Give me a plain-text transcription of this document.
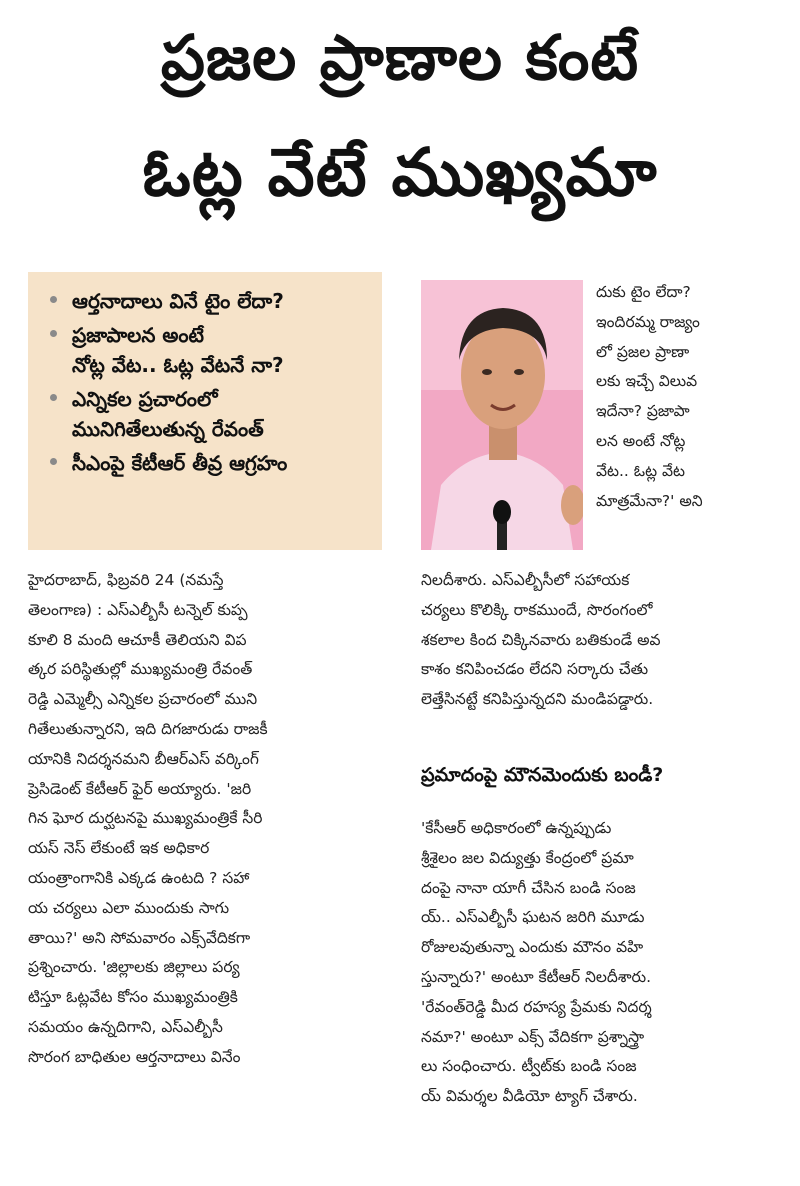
ప్రజల ప్రాణాల కంటే
ఓట్ల వేటే ముఖ్యమా
ఆర్తనాదాలు వినే టైం లేదా?
ప్రజాపాలన అంటే
నోట్ల వేట.. ఓట్ల వేటనే నా?
ఎన్నికల ప్రచారంలో
మునిగితేలుతున్న రేవంత్
సీఎంపై కేటీఆర్ తీవ్ర ఆగ్రహం
దుకు టైం లేదా?
ఇందిరమ్మ రాజ్యం
లో ప్రజల ప్రాణా
లకు ఇచ్చే విలువ
ఇదేనా? ప్రజాపా
లన అంటే నోట్ల
వేట.. ఓట్ల వేట
మాత్రమేనా?' అని
హైదరాబాద్, ఫిబ్రవరి 24 (నమస్తే
తెలంగాణ) : ఎస్ఎల్బీసీ టన్నెల్ కుప్ప
కూలి 8 మంది ఆచూకీ తెలియని విప
త్కర పరిస్థితుల్లో ముఖ్యమంత్రి రేవంత్
రెడ్డి ఎమ్మెల్సీ ఎన్నికల ప్రచారంలో ముని
గితేలుతున్నారని, ఇది దిగజారుడు రాజకీ
యానికి నిదర్శనమని బీఆర్ఎస్ వర్కింగ్
ప్రెసిడెంట్ కేటీఆర్ ఫైర్ అయ్యారు. 'జరి
గిన ఘోర దుర్ఘటనపై ముఖ్యమంత్రికే సీరి
యస్ నెస్ లేకుంటే ఇక అధికార
యంత్రాంగానికి ఎక్కడ ఉంటది ? సహా
య చర్యలు ఎలా ముందుకు సాగు
తాయి?' అని సోమవారం ఎక్స్‌వేదికగా
ప్రశ్నించారు. 'జిల్లాలకు జిల్లాలు పర్య
టిస్తూ ఓట్లవేట కోసం ముఖ్యమంత్రికి
సమయం ఉన్నదిగాని, ఎస్ఎల్బీసీ
సొరంగ బాధితుల ఆర్తనాదాలు వినేం
నిలదీశారు. ఎస్ఎల్బీసీలో సహాయక
చర్యలు కొలిక్కి రాకముందే, సొరంగంలో
శకలాల కింద చిక్కినవారు బతికుండే అవ
కాశం కనిపించడం లేదని సర్కారు చేతు
లెత్తేసినట్టే కనిపిస్తున్నదని మండిపడ్డారు.
ప్రమాదంపై మౌనమెందుకు బండీ?
'కేసీఆర్ అధికారంలో ఉన్నప్పుడు
శ్రీశైలం జల విద్యుత్తు కేంద్రంలో ప్రమా
దంపై నానా యాగీ చేసిన బండి సంజ
య్.. ఎస్ఎల్బీసీ ఘటన జరిగి మూడు
రోజులవుతున్నా ఎందుకు మౌనం వహి
స్తున్నారు?' అంటూ కేటీఆర్ నిలదీశారు.
'రేవంత్‌రెడ్డి మీద రహస్య ప్రేమకు నిదర్శ
నమా?' అంటూ ఎక్స్ వేదికగా ప్రశ్నాస్త్రా
లు సంధించారు. ట్వీట్‌కు బండి సంజ
య్ విమర్శల వీడియో ట్యాగ్ చేశారు.
